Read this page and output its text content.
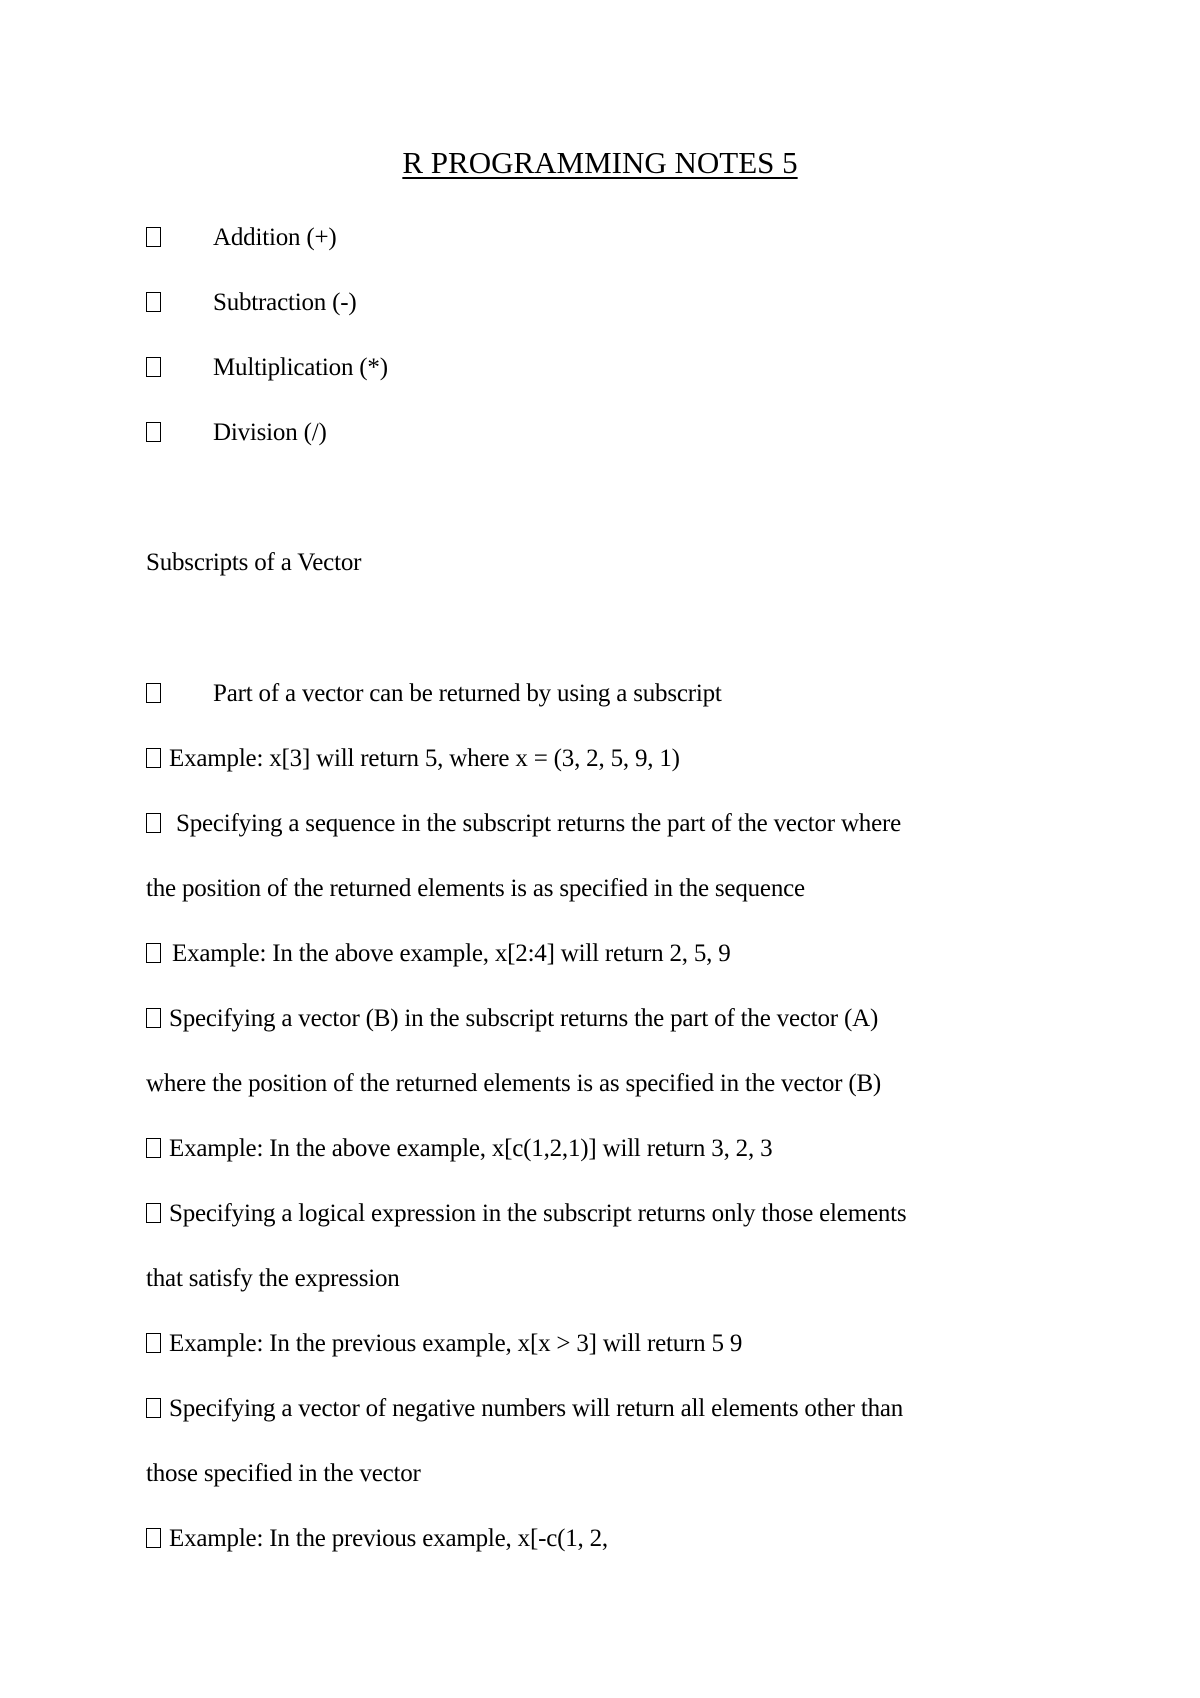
R PROGRAMMING NOTES 5
Addition (+)
Subtraction (-)
Multiplication (*)
Division (/)
Subscripts of a Vector
Part of a vector can be returned by using a subscript
Example: x[3] will return 5, where x = (3, 2, 5, 9, 1)
Specifying a sequence in the subscript returns the part of the vector where
the position of the returned elements is as specified in the sequence
Example: In the above example, x[2:4] will return 2, 5, 9
Specifying a vector (B) in the subscript returns the part of the vector (A)
where the position of the returned elements is as specified in the vector (B)
Example: In the above example, x[c(1,2,1)] will return 3, 2, 3
Specifying a logical expression in the subscript returns only those elements
that satisfy the expression
Example: In the previous example, x[x > 3] will return 5 9
Specifying a vector of negative numbers will return all elements other than
those specified in the vector
Example: In the previous example, x[-c(1, 2,
